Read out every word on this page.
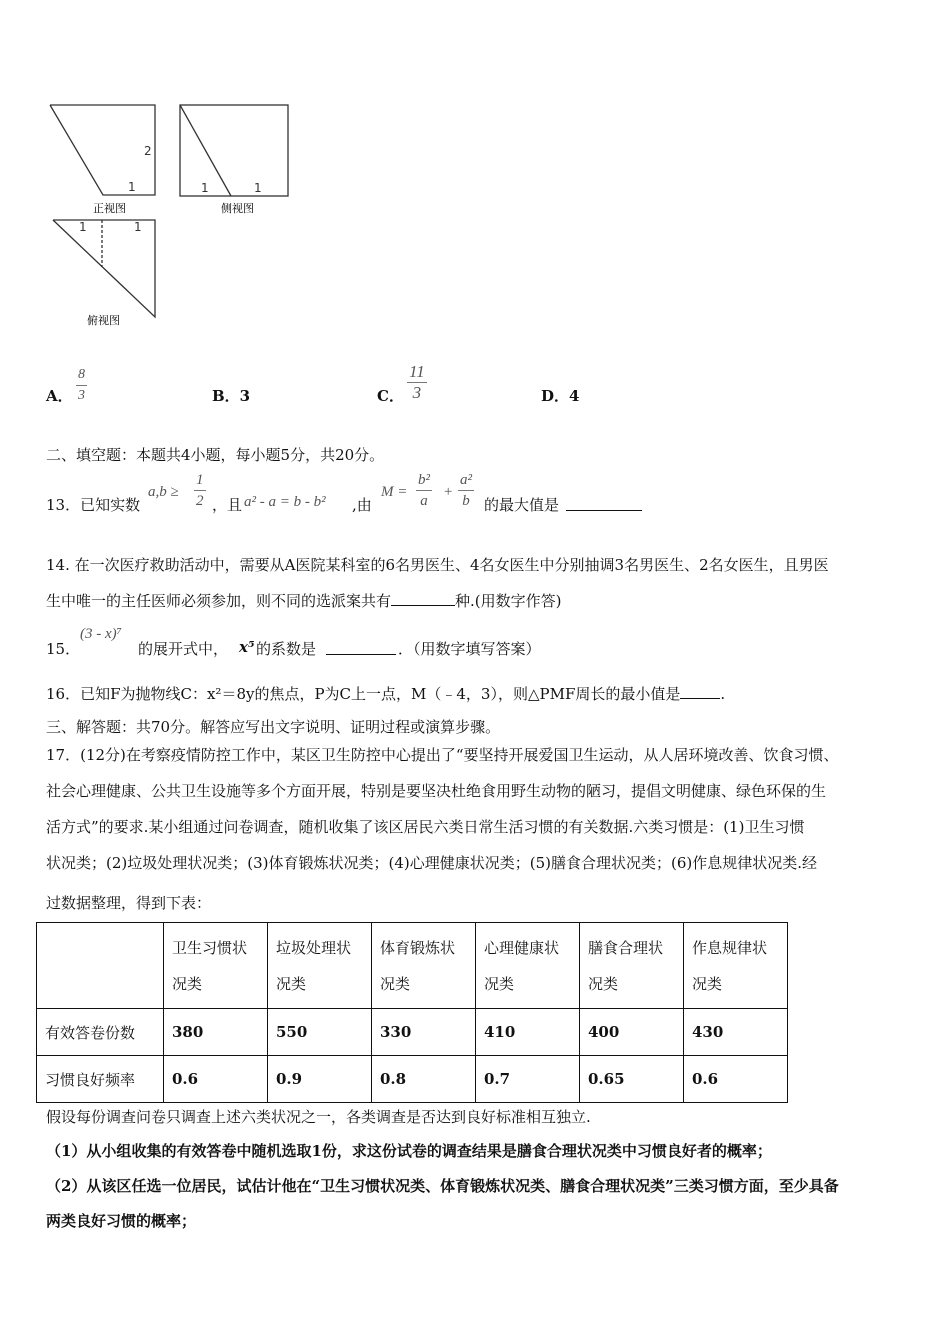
2
1
正视图
1	1
侧视图
1	1
俯视图
A． $\frac{8}{3}$	B．3	C． $\frac{11}{3}$	D．4
二、填空题：本题共4小题，每小题5分，共20分。
13．已知实数
$a,b \ge \frac{1}{2}$ ，且 a² - a = b - b² ,由
$M = \frac{\text{b²}}{a} + \frac{\text{a²}}{b}$ 的最大值是
14. 在一次医疗救助活动中，需要从A医院某科室的6名男医生、4名女医生中分别抽调3名男医生、2名女医生，且男医
生中唯一的主任医师必须参加，则不同的选派案共有	种.(用数字作答)
15．
(3 - x)⁷
的展开式中， x⁵ 的系数是	．（用数字填写答案）
16．已知F为抛物线C：x²＝8y的焦点，P为C上一点，M（﹣4，3），则△PMF周长的最小值是	.
三、解答题：共70分。解答应写出文字说明、证明过程或演算步骤。
17．(12分)在考察疫情防控工作中，某区卫生防控中心提出了“要坚持开展爱国卫生运动，从人居环境改善、饮食习惯、
社会心理健康、公共卫生设施等多个方面开展，特别是要坚决杜绝食用野生动物的陋习，提倡文明健康、绿色环保的生
活方式”的要求.某小组通过问卷调查，随机收集了该区居民六类日常生活习惯的有关数据.六类习惯是：(1)卫生习惯
状况类；(2)垃圾处理状况类；(3)体育锻炼状况类；(4)心理健康状况类；(5)膳食合理状况类；(6)作息规律状况类.经
过数据整理，得到下表：
	卫生习惯状
况类	垃圾处理状
况类	体育锻炼状
况类	心理健康状
况类	膳食合理状
况类	作息规律状
况类
有效答卷份数	380	550	330	410	400	430
习惯良好频率	0.6	0.9	0.8	0.7	0.65	0.6
假设每份调查问卷只调查上述六类状况之一，各类调查是否达到良好标准相互独立.
（1）从小组收集的有效答卷中随机选取1份，求这份试卷的调查结果是膳食合理状况类中习惯良好者的概率；
（2）从该区任选一位居民，试估计他在“卫生习惯状况类、体育锻炼状况类、膳食合理状况类”三类习惯方面，至少具备
两类良好习惯的概率；
